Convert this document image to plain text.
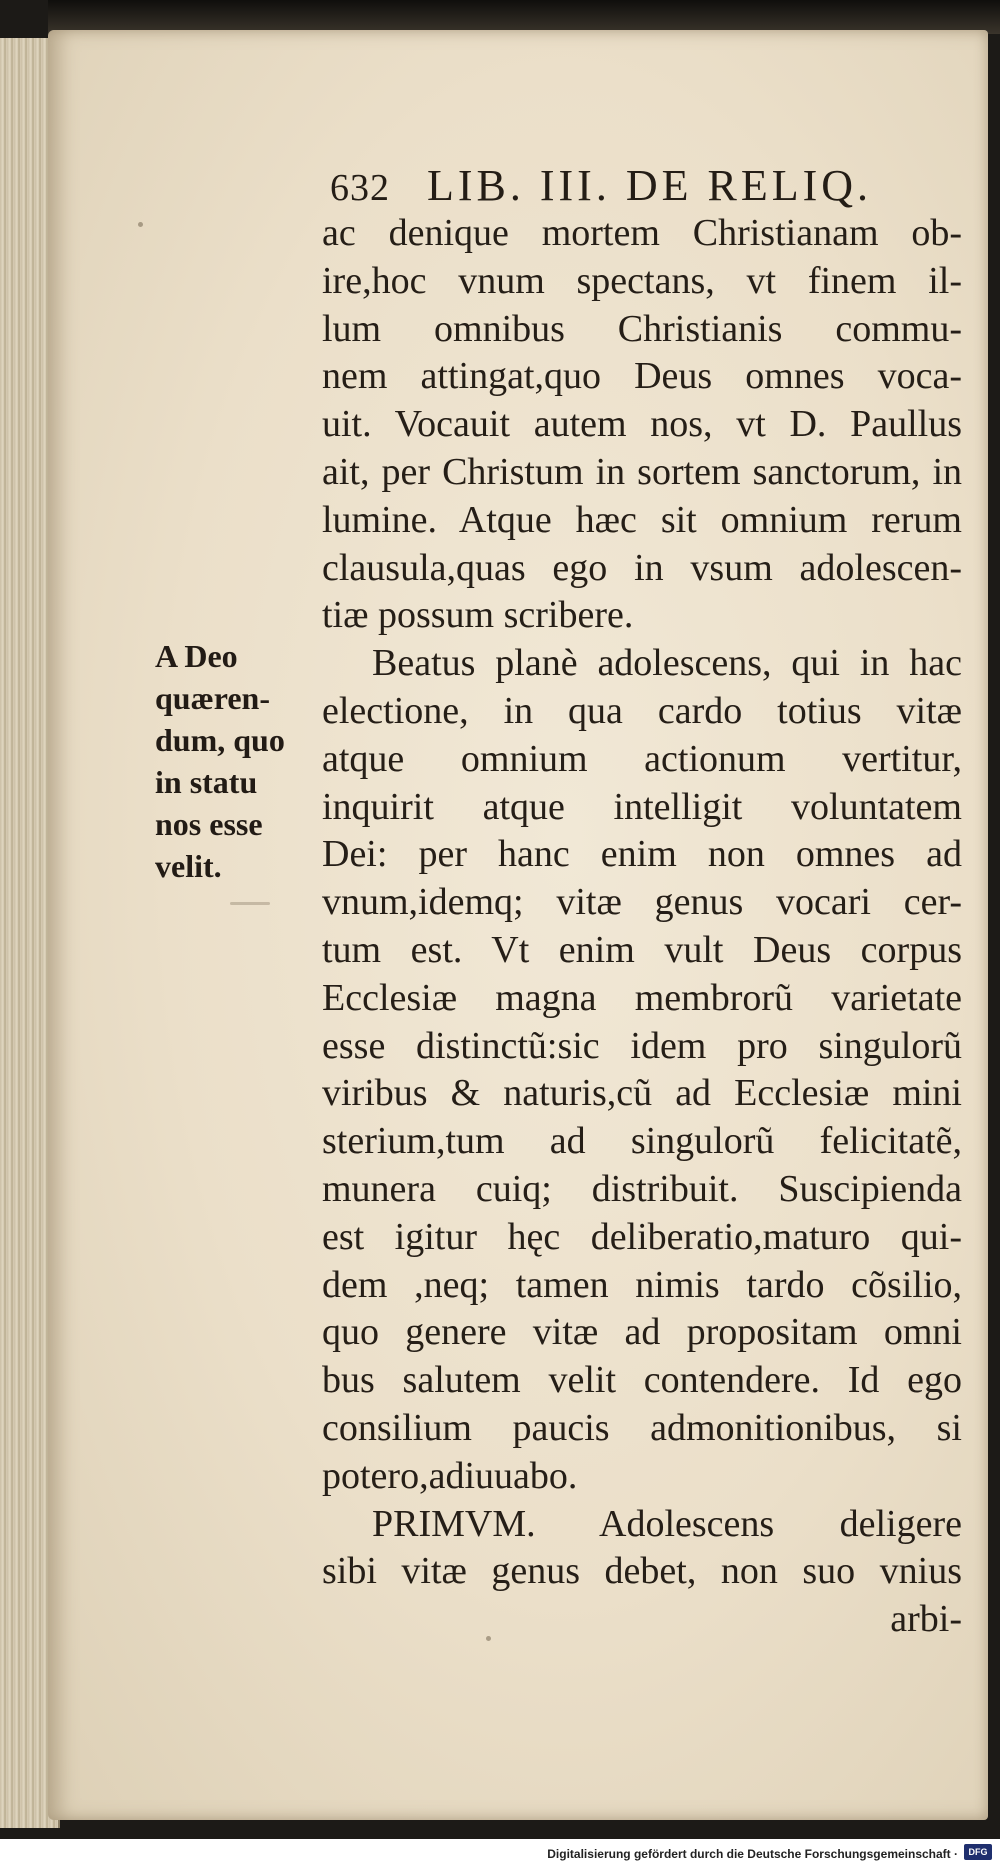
632 LIB. III. DE RELIQ.
ac denique mortem Christianam ob-
ire,hoc vnum spectans, vt finem il-
lum omnibus Christianis commu-
nem attingat,quo Deus omnes voca-
uit. Vocauit autem nos, vt D. Paullus
ait, per Christum in sortem sanctorum, in
lumine. Atque hæc sit omnium rerum
clausula,quas ego in vsum adolescen-
tiæ possum scribere.
Beatus planè adolescens, qui in hac
electione, in qua cardo totius vitæ
atque omnium actionum vertitur,
inquirit atque intelligit voluntatem
Dei: per hanc enim non omnes ad
vnum,idemq; vitæ genus vocari cer-
tum est. Vt enim vult Deus corpus
Ecclesiæ magna membrorũ varietate
esse distinctũ:sic idem pro singulorũ
viribus & naturis,cũ ad Ecclesiæ mini
sterium,tum ad singulorũ felicitatẽ,
munera cuiq; distribuit. Suscipienda
est igitur hęc deliberatio,maturo qui-
dem ,neq; tamen nimis tardo cõsilio,
quo genere vitæ ad propositam omni
bus salutem velit contendere. Id ego
consilium paucis admonitionibus, si
potero,adiuuabo.
PRIMVM. Adolescens deligere
sibi vitæ genus debet, non suo vnius
arbi-
A Deo
quæren-
dum, quo
in statu
nos esse
velit.
Digitalisierung gefördert durch die Deutsche Forschungsgemeinschaft ·	DFG
